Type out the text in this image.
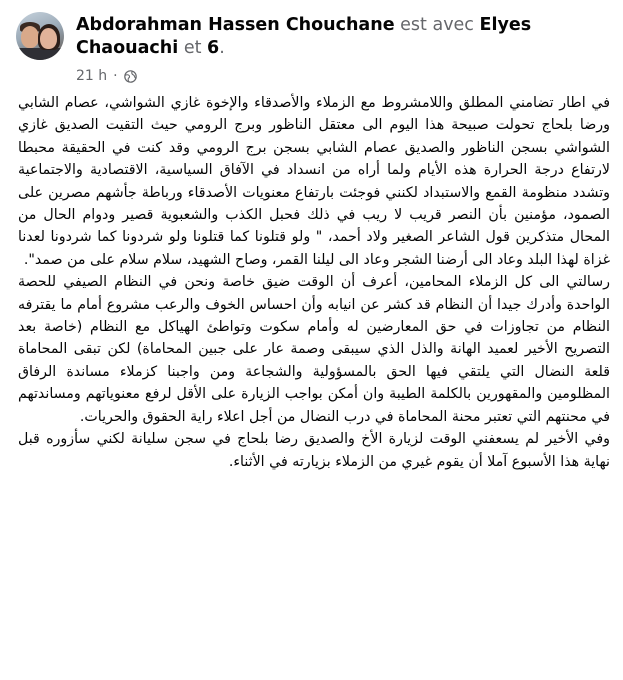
Abdorahman Hassen Chouchane est avec Elyes Chaouachi et 6.
21 h ·

في اطار تضامني المطلق واللامشروط مع الزملاء والأصدقاء والإخوة غازي الشواشي، عصام الشابي ورضا بلحاج تحولت صبيحة هذا اليوم الى معتقل الناظور وبرج الرومي حيث التقيت الصديق غازي الشواشي بسجن الناظور والصديق عصام الشابي بسجن برج الرومي وقد كنت في الحقيقة محبطا لارتفاع درجة الحرارة هذه الأيام ولما أراه من انسداد في الآفاق السياسية، الاقتصادية والاجتماعية وتشدد منظومة القمع والاستبداد لكنني فوجئت بارتفاع معنويات الأصدقاء ورباطة جأشهم مصرين على الصمود، مؤمنين بأن النصر قريب لا ريب في ذلك فحبل الكذب والشعبوية قصير ودوام الحال من المحال متذكرين قول الشاعر الصغير ولاد أحمد، " ولو قتلونا كما قتلونا ولو شردونا كما شردونا لعدنا غزاة لهذا البلد وعاد الى أرضنا الشجر وعاد الى ليلنا القمر، وصاح الشهيد، سلام سلام على من صمد".

رسالتي الى كل الزملاء المحامين، أعرف أن الوقت ضيق خاصة ونحن في النظام الصيفي للحصة الواحدة وأدرك جيدا أن النظام قد كشر عن انيابه وأن احساس الخوف والرعب مشروع أمام ما يقترفه النظام من تجاوزات في حق المعارضين له وأمام سكوت وتواطئ الهياكل مع النظام (خاصة بعد التصريح الأخير لعميد الهانة والذل الذي سيبقى وصمة عار على جبين المحاماة) لكن تبقى المحاماة قلعة النضال التي يلتقي فيها الحق بالمسؤولية والشجاعة ومن واجبنا كزملاء مساندة الرفاق المظلومين والمقهورين بالكلمة الطيبة وان أمكن بواجب الزيارة على الأقل لرفع معنوياتهم ومساندتهم في محنتهم التي تعتبر محنة المحاماة في درب النضال من أجل اعلاء راية الحقوق والحريات.

وفي الأخير لم يسعفني الوقت لزيارة الأخ والصديق رضا بلحاج في سجن سليانة لكني سأزوره قبل نهاية هذا الأسبوع آملا أن يقوم غيري من الزملاء بزيارته في الأثناء.
